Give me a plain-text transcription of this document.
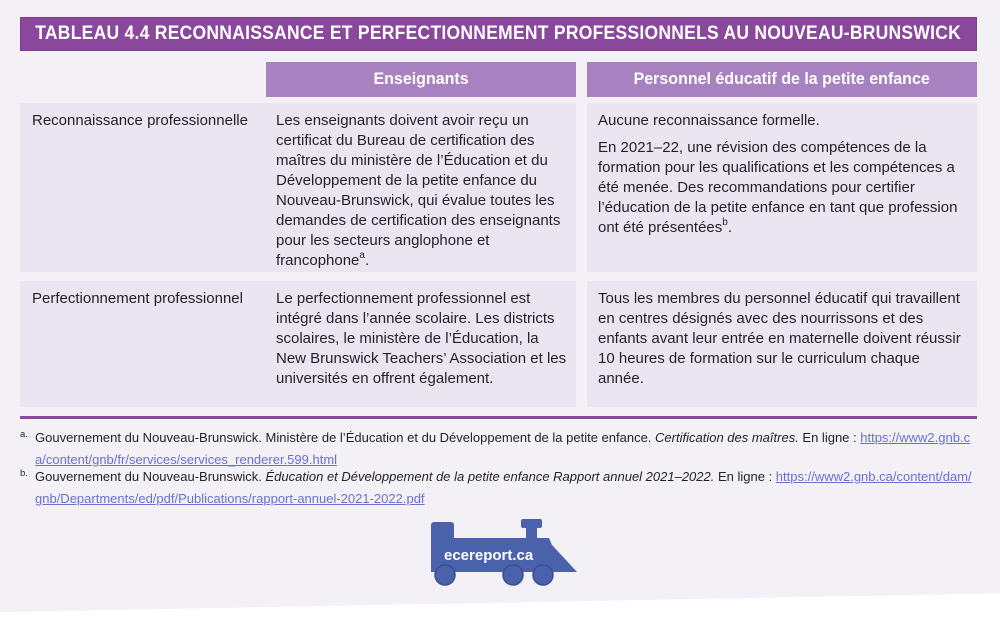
TABLEAU 4.4 RECONNAISSANCE ET PERFECTIONNEMENT PROFESSIONNELS AU NOUVEAU-BRUNSWICK
Enseignants	Personnel éducatif de la petite enfance
Reconnaissance professionnelle Les enseignants doivent avoir reçu un certificat du Bureau de certification des maîtres du ministère de l’Éducation et du Développement de la petite enfance du Nouveau-Brunswick, qui évalue toutes les demandes de certification des enseignants pour les secteurs anglophone et francophone$^a$.

Aucune reconnaissance formelle.

En 2021–22, une révision des compétences de la formation pour les qualifications et les compétences a été menée. Des recommandations pour certifier l’éducation de la petite enfance en tant que profession ont été présentées$^b$.

Perfectionnement professionnel	Le perfectionnement professionnel est intégré dans l’année scolaire. Les districts scolaires, le ministère de l’Éducation, la New Brunswick Teachers’ Association et les universités en offrent également.

Tous les membres du personnel éducatif qui travaillent en centres désignés avec des nourrissons et des enfants avant leur entrée en maternelle doivent réussir 10 heures de formation sur le curriculum chaque année.

a. Gouvernement du Nouveau-Brunswick. Ministère de l’Éducation et du Développement de la petite enfance. Certification des maîtres. En ligne : https://www2.gnb.ca/content/gnb/fr/services/services_renderer.599.html
b. Gouvernement du Nouveau-Brunswick. Éducation et Développement de la petite enfance Rapport annuel 2021–2022. En ligne : https://www2.gnb.ca/content/dam/gnb/Departments/ed/pdf/Publications/rapport-annuel-2021-2022.pdf
ecereport.ca
